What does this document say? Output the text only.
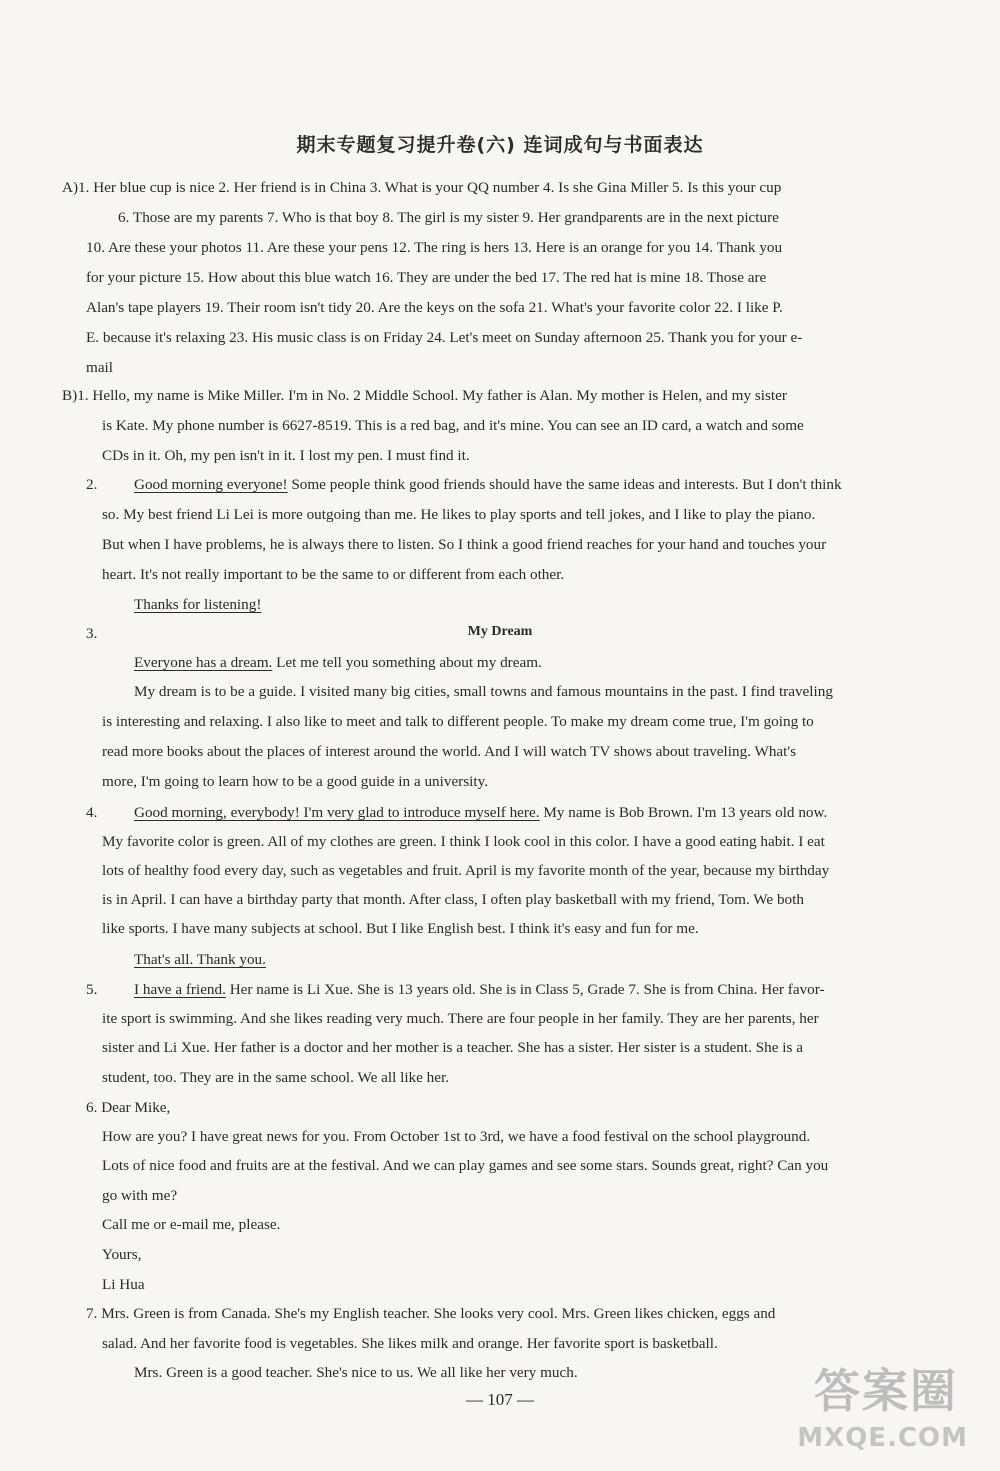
期末专题复习提升卷(六) 连词成句与书面表达
A)1. Her blue cup is nice 2. Her friend is in China 3. What is your QQ number 4. Is she Gina Miller 5. Is this your cup
6. Those are my parents 7. Who is that boy 8. The girl is my sister 9. Her grandparents are in the next picture
10. Are these your photos 11. Are these your pens 12. The ring is hers 13. Here is an orange for you 14. Thank you
for your picture 15. How about this blue watch 16. They are under the bed 17. The red hat is mine 18. Those are
Alan's tape players 19. Their room isn't tidy 20. Are the keys on the sofa 21. What's your favorite color 22. I like P.
E. because it's relaxing 23. His music class is on Friday 24. Let's meet on Sunday afternoon 25. Thank you for your e-
mail
B)1. Hello, my name is Mike Miller. I'm in No. 2 Middle School. My father is Alan. My mother is Helen, and my sister
is Kate. My phone number is 6627-8519. This is a red bag, and it's mine. You can see an ID card, a watch and some
CDs in it. Oh, my pen isn't in it. I lost my pen. I must find it.
2. Good morning everyone! Some people think good friends should have the same ideas and interests. But I don't think
so. My best friend Li Lei is more outgoing than me. He likes to play sports and tell jokes, and I like to play the piano.
But when I have problems, he is always there to listen. So I think a good friend reaches for your hand and touches your
heart. It's not really important to be the same to or different from each other.
Thanks for listening!
3.	My Dream
Everyone has a dream. Let me tell you something about my dream.
My dream is to be a guide. I visited many big cities, small towns and famous mountains in the past. I find traveling
is interesting and relaxing. I also like to meet and talk to different people. To make my dream come true, I'm going to
read more books about the places of interest around the world. And I will watch TV shows about traveling. What's
more, I'm going to learn how to be a good guide in a university.
4. Good morning, everybody! I'm very glad to introduce myself here. My name is Bob Brown. I'm 13 years old now.
My favorite color is green. All of my clothes are green. I think I look cool in this color. I have a good eating habit. I eat
lots of healthy food every day, such as vegetables and fruit. April is my favorite month of the year, because my birthday
is in April. I can have a birthday party that month. After class, I often play basketball with my friend, Tom. We both
like sports. I have many subjects at school. But I like English best. I think it's easy and fun for me.
That's all. Thank you.
5. I have a friend. Her name is Li Xue. She is 13 years old. She is in Class 5, Grade 7. She is from China. Her favor-
ite sport is swimming. And she likes reading very much. There are four people in her family. They are her parents, her
sister and Li Xue. Her father is a doctor and her mother is a teacher. She has a sister. Her sister is a student. She is a
student, too. They are in the same school. We all like her.
6. Dear Mike,
How are you? I have great news for you. From October 1st to 3rd, we have a food festival on the school playground.
Lots of nice food and fruits are at the festival. And we can play games and see some stars. Sounds great, right? Can you
go with me?
Call me or e-mail me, please.
Yours,
Li Hua
7. Mrs. Green is from Canada. She's my English teacher. She looks very cool. Mrs. Green likes chicken, eggs and
salad. And her favorite food is vegetables. She likes milk and orange. Her favorite sport is basketball.
Mrs. Green is a good teacher. She's nice to us. We all like her very much.
— 107 —	答案圈
MXQE.COM
